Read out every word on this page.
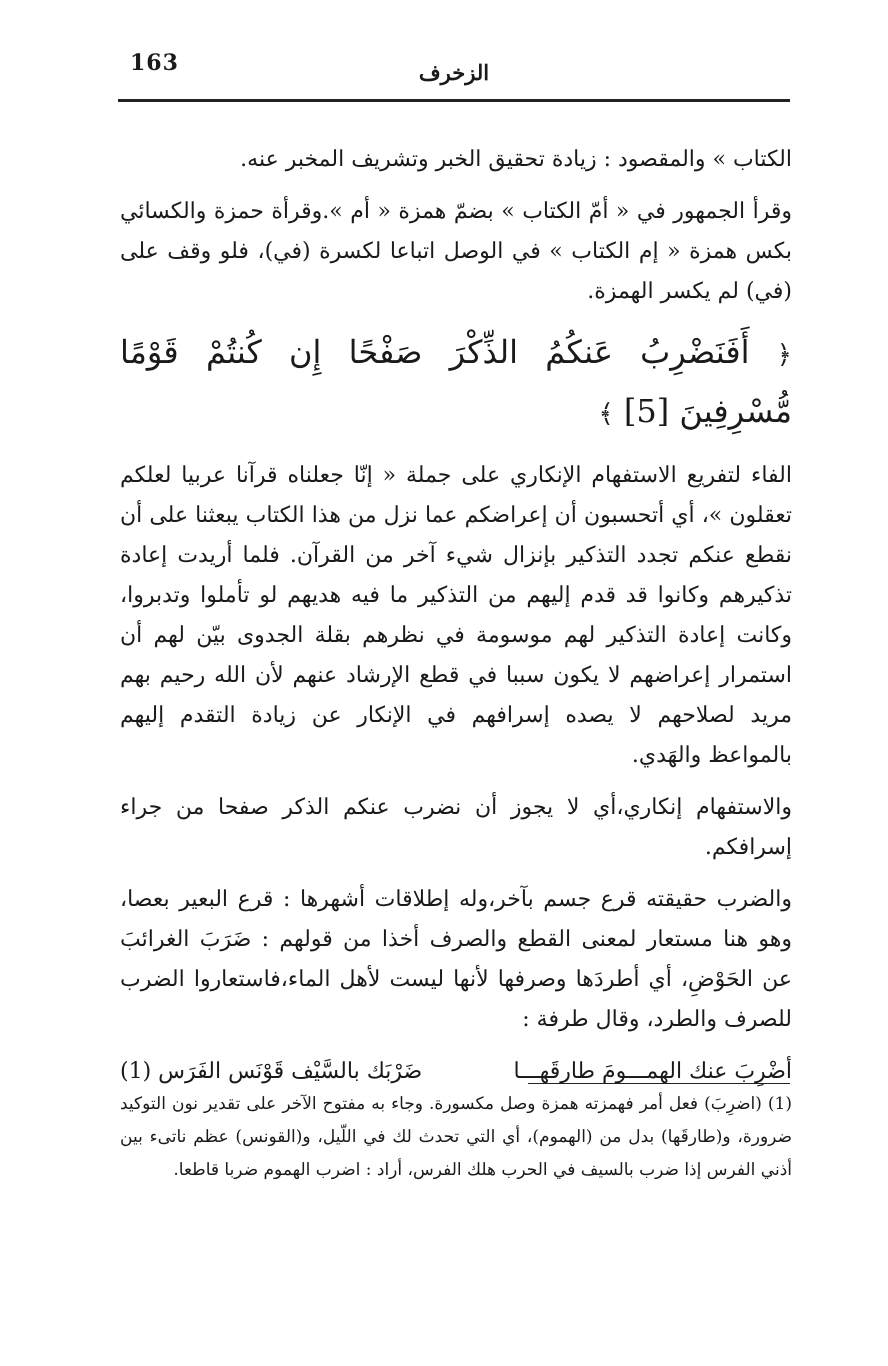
163	الزخرف

الكتاب » والمقصود : زيادة تحقيق الخبر وتشريف المخبر عنه.

وقرأ الجمهور في « أمّ الكتاب » بضمّ همزة « أم ».وقرأة حمزة والكسائي بكس همزة « إم الكتاب » في الوصل اتباعا لكسرة (في)، فلو وقف على (في) لم يكسر الهمزة.

﴿ أَفَنَضْرِبُ عَنكُمُ الذِّكْرَ صَفْحًا إِن كُنتُمْ قَوْمًا مُّسْرِفِينَ [5] ﴾

الفاء لتفريع الاستفهام الإنكاري على جملة « إنّا جعلناه قرآنا عربيا لعلكم تعقلون »، أي أتحسبون أن إعراضكم عما نزل من هذا الكتاب يبعثنا على أن نقطع عنكم تجدد التذكير بإنزال شيء آخر من القرآن. فلما أريدت إعادة تذكيرهم وكانوا قد قدم إليهم من التذكير ما فيه هديهم لو تأملوا وتدبروا، وكانت إعادة التذكير لهم موسومة في نظرهم بقلة الجدوى بيّن لهم أن استمرار إعراضهم لا يكون سببا في قطع الإرشاد عنهم لأن الله رحيم بهم مريد لصلاحهم لا يصده إسرافهم في الإنكار عن زيادة التقدم إليهم بالمواعظ والهَدي.

والاستفهام إنكاري،أي لا يجوز أن نضرب عنكم الذكر صفحا من جراء إسرافكم.

والضرب حقيقته قرع جسم بآخر،وله إطلاقات أشهرها : قرع البعير بعصا، وهو هنا مستعار لمعنى القطع والصرف أخذا من قولهم : ضَرَبَ الغرائبَ عن الحَوْضِ، أي أطردَها وصرفها لأنها ليست لأهل الماء،فاستعاروا الضرب للصرف والطرد، وقال طرفة :

أضْرِبَ عنك الهمـــومَ طارقَهـــا
ضَرْبَك بالسَّيْف قَوْنَس الفَرَس (1)

(1) (اضرِبَ) فعل أمر فهمزته همزة وصل مكسورة. وجاء به مفتوح الآخر على تقدير نون التوكيد ضرورة، و(طارقَها) بدل من (الهموم)، أي التي تحدث لك في اللّيل، و(القونس) عظم ناتىء بين أذني الفرس إذا ضرب بالسيف في الحرب هلك الفرس، أراد : اضرب الهموم ضربا قاطعا.
